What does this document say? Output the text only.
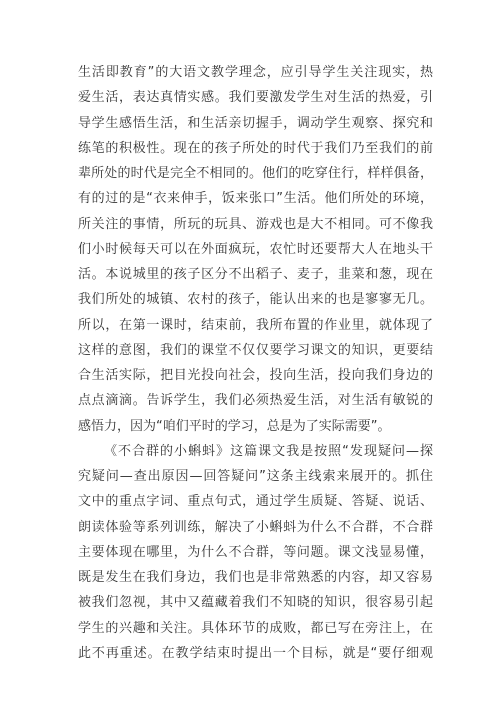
生活即教育”的大语文教学理念，应引导学生关注现实，热
爱生活，表达真情实感。我们要激发学生对生活的热爱，引
导学生感悟生活，和生活亲切握手，调动学生观察、探究和
练笔的积极性。现在的孩子所处的时代于我们乃至我们的前
辈所处的时代是完全不相同的。他们的吃穿住行，样样俱备，
有的过的是“衣来伸手，饭来张口”生活。他们所处的环境，
所关注的事情，所玩的玩具、游戏也是大不相同。可不像我
们小时候每天可以在外面疯玩，农忙时还要帮大人在地头干
活。本说城里的孩子区分不出稻子、麦子，韭菜和葱，现在
我们所处的城镇、农村的孩子，能认出来的也是寥寥无几。
所以，在第一课时，结束前，我所布置的作业里，就体现了
这样的意图，我们的课堂不仅仅要学习课文的知识，更要结
合生活实际，把目光投向社会，投向生活，投向我们身边的
点点滴滴。告诉学生，我们必须热爱生活，对生活有敏锐的
感悟力，因为“咱们平时的学习，总是为了实际需要”。
《不合群的小蝌蚪》这篇课文我是按照“发现疑问—探
究疑问—查出原因—回答疑问”这条主线索来展开的。抓住
文中的重点字词、重点句式，通过学生质疑、答疑、说话、
朗读体验等系列训练，解决了小蝌蚪为什么不合群，不合群
主要体现在哪里，为什么不合群，等问题。课文浅显易懂，
既是发生在我们身边，我们也是非常熟悉的内容，却又容易
被我们忽视，其中又蕴藏着我们不知晓的知识，很容易引起
学生的兴趣和关注。具体环节的成败，都已写在旁注上，在
此不再重述。在教学结束时提出一个目标，就是“要仔细观
